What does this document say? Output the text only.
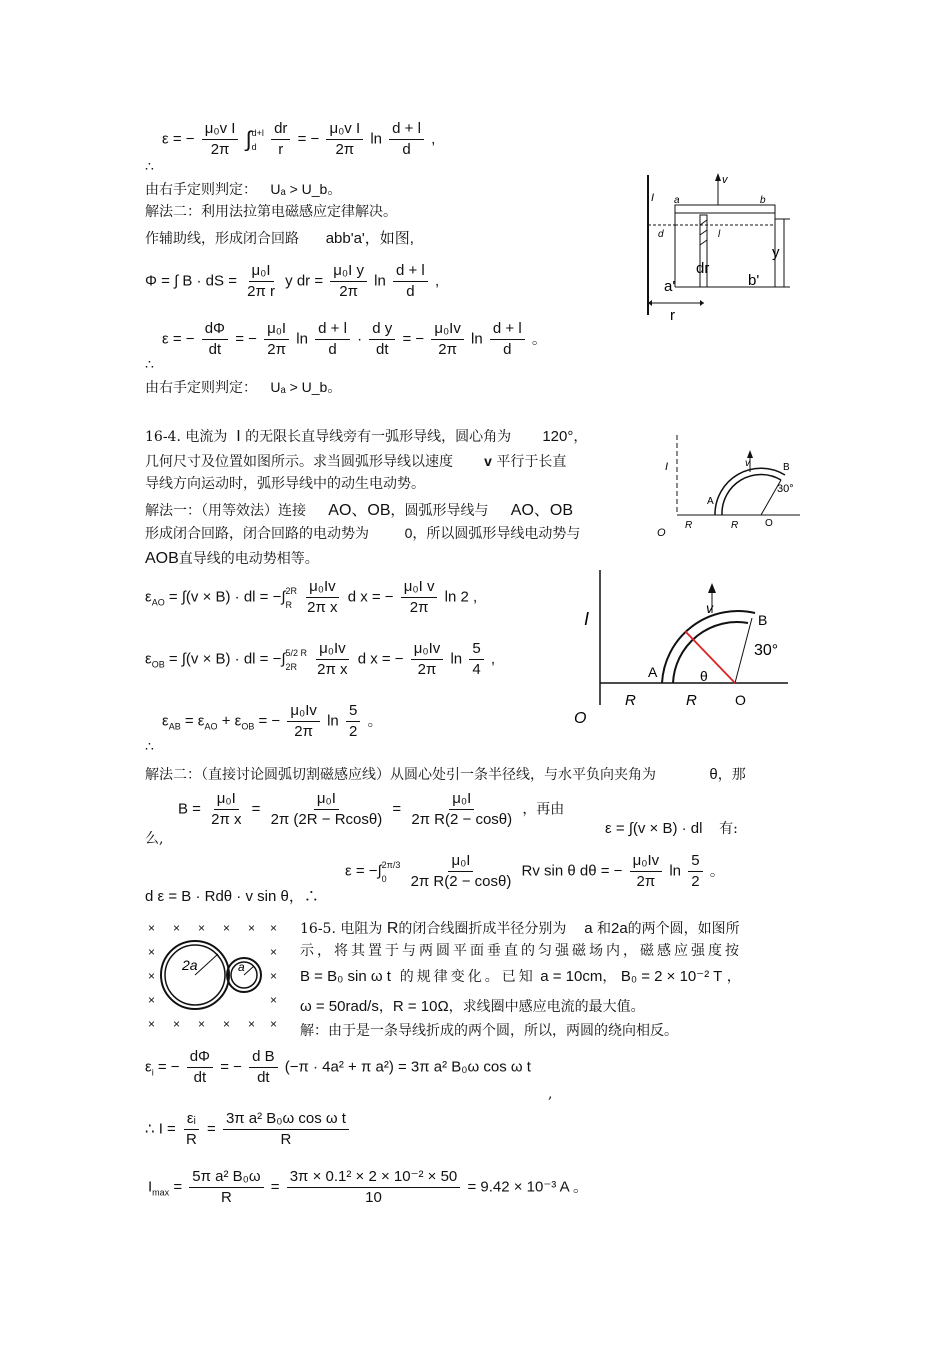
ε = − $\frac{\text{μ₀v I}}{2\pi}$ ∫ d+l
d
$\frac{dr}{r}$ = − $\frac{\text{μ₀v I}}{2\pi}$ $\ln \frac{d + l}{d}$ ,
∴
由右手定则判定： Uₐ > U_b。
解法二：利用法拉第电磁感应定律解决。
作辅助线，形成闭合回路 abb'a'，如图,
Φ = ∫ B · dS = $\frac{\text{μ₀I}}{\text{2π r}}$ y dr = $\frac{\text{μ₀I y}}{2\pi}$ $\ln \frac{d + l}{d}$ ,
ε = − $\frac{d\Phi}{dt}$ = − $\frac{\text{μ₀I}}{2\pi}$ $\ln \frac{d + l}{d} \cdot \frac{\text{d y}}{dt}$ = − $\frac{\text{μ₀Iv}}{2\pi}$ $\ln \frac{d + l}{d}$ 。
∴
由右手定则判定： Uₐ > U_b。
I
v
a	b
d	l
y
dr
a'	b'
r
16-4. 电流为 I 的无限长直导线旁有一弧形导线，圆心角为 120°，
几何尺寸及位置如图所示。求当圆弧形导线以速度 v 平行于长直
导线方向运动时，弧形导线中的动生电动势。
解法一：（用等效法）连接 AO、OB，圆弧形导线与 AO、OB
形成闭合回路，闭合回路的电动势为	0，所以圆弧形导线电动势与
AOB直导线的电动势相等。
$\varepsilon_{AO} = \int(v \times B)$ · dl = −∫ 2R
R
$\frac{\text{μ₀Iv}}{\text{2π x}}$ d x = − $\frac{\text{μ₀I v}}{2\pi}$ ln 2 ,
$\varepsilon_{OB} = \int(v \times B)$ · dl = −∫ 5/2 R
2R
	$\frac{\text{μ₀Iv}}{\text{2π x}}$ d x = − $\frac{\text{μ₀Iv}}{2\pi}$ $\ln \frac{5}{4}$ ,
$\varepsilon_{AB} = \varepsilon_{AO} + \varepsilon_{OB}$ = − $\frac{\text{μ₀Iv}}{2\pi}$ $\ln \frac{5}{2}$ 。
∴
解法二：（直接讨论圆弧切割磁感应线）从圆心处引一条半径线，与水平负向夹角为	θ，那
么,
$B = \frac{\text{μ₀I}}{\text{2π x}} = \frac{\text{μ₀I}}{2\pi (2R - Rcos\theta)} = \frac{\text{μ₀I}}{\text{2π R(2 − cosθ)}}$ ，再由
ε = ∫(v × B) · dl 有:
d ε = B · Rdθ · v sin θ，∴
ε = −∫ 2π/3
0
	$\frac{\text{μ₀I}}{\text{2π R(2 − cosθ)}}$ Rv sin θ dθ = − $\frac{\text{μ₀Iv}}{2\pi}$ $\ln \frac{5}{2}$ 。
I	v	B
30°
A
R	R	O
O
I
v
B
30°
A	θ
R	R	O
O
× × × × × ×
×	×
×	×
×	×
× × × × × ×
2a	a
16-5. 电阻为 R的闭合线圈折成半径分别为 a 和2a的两个圆，如图所
示，将其置于与两圆平面垂直的匀强磁场内，磁感应强度按
B = B₀ sin ω t 的规律变化。已知 a = 10cm， B₀ = 2 × 10⁻² T ，
ω = 50rad/s，R = 10Ω，求线圈中感应电流的最大值。
解：由于是一条导线折成的两个圆，所以，两圆的绕向相反。
$\varepsilon_i$ = − $\frac{d\Phi}{dt}$ = − $\frac{\text{d B}}{dt} (-\pi \cdot 4a^2 + \pi$ a²) = 3π a² B₀ω cos ω t
,
∴ $I = \frac{\text{εᵢ}}{R} = \frac{\text{3π a² B₀ω cos ω t}}{R}$
$I_{max} = \frac{\text{5π a² B₀ω}}{R} = \frac{\text{3π × 0.1² × 2 × 10⁻² × 50}}{10} = 9.42 \times 10^{-3}$ A 。
